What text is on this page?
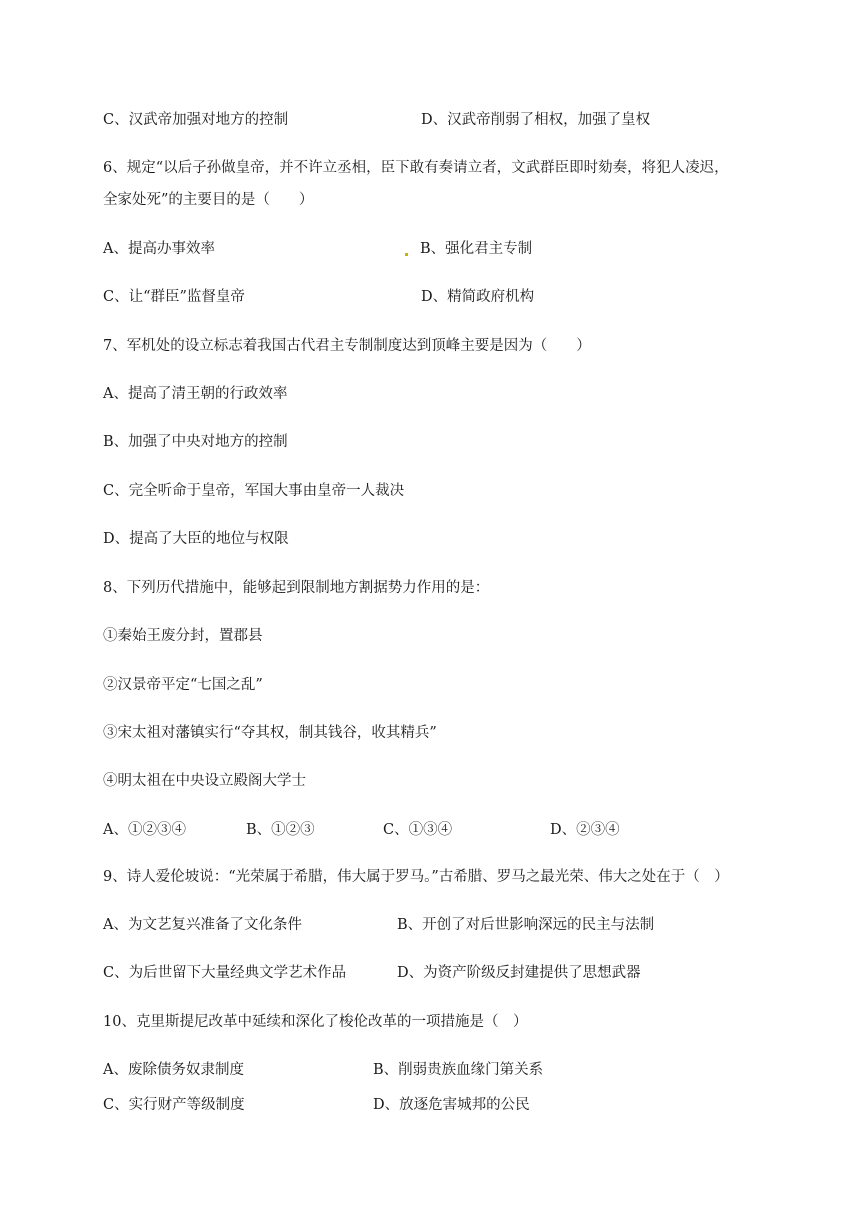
C、汉武帝加强对地方的控制	D、汉武帝削弱了相权，加强了皇权
6、规定“以后子孙做皇帝，并不许立丞相，臣下敢有奏请立者，文武群臣即时劾奏，将犯人凌迟，
全家处死”的主要目的是（　　）
A、提高办事效率	B、强化君主专制
C、让“群臣”监督皇帝	D、精简政府机构
7、军机处的设立标志着我国古代君主专制制度达到顶峰主要是因为（　　）
A、提高了清王朝的行政效率
B、加强了中央对地方的控制
C、完全听命于皇帝，军国大事由皇帝一人裁决
D、提高了大臣的地位与权限
8、下列历代措施中，能够起到限制地方割据势力作用的是：
①秦始王废分封，置郡县
②汉景帝平定“七国之乱”
③宋太祖对藩镇实行“夺其权，制其钱谷，收其精兵”
④明太祖在中央设立殿阁大学士
A、①②③④	B、①②③	C、①③④	D、②③④
9、诗人爱伦坡说：“光荣属于希腊，伟大属于罗马。”古希腊、罗马之最光荣、伟大之处在于（　）
A、为文艺复兴准备了文化条件	B、开创了对后世影响深远的民主与法制
C、为后世留下大量经典文学艺术作品	D、为资产阶级反封建提供了思想武器
10、克里斯提尼改革中延续和深化了梭伦改革的一项措施是（　）
A、废除债务奴隶制度	B、削弱贵族血缘门第关系
C、实行财产等级制度	D、放逐危害城邦的公民
